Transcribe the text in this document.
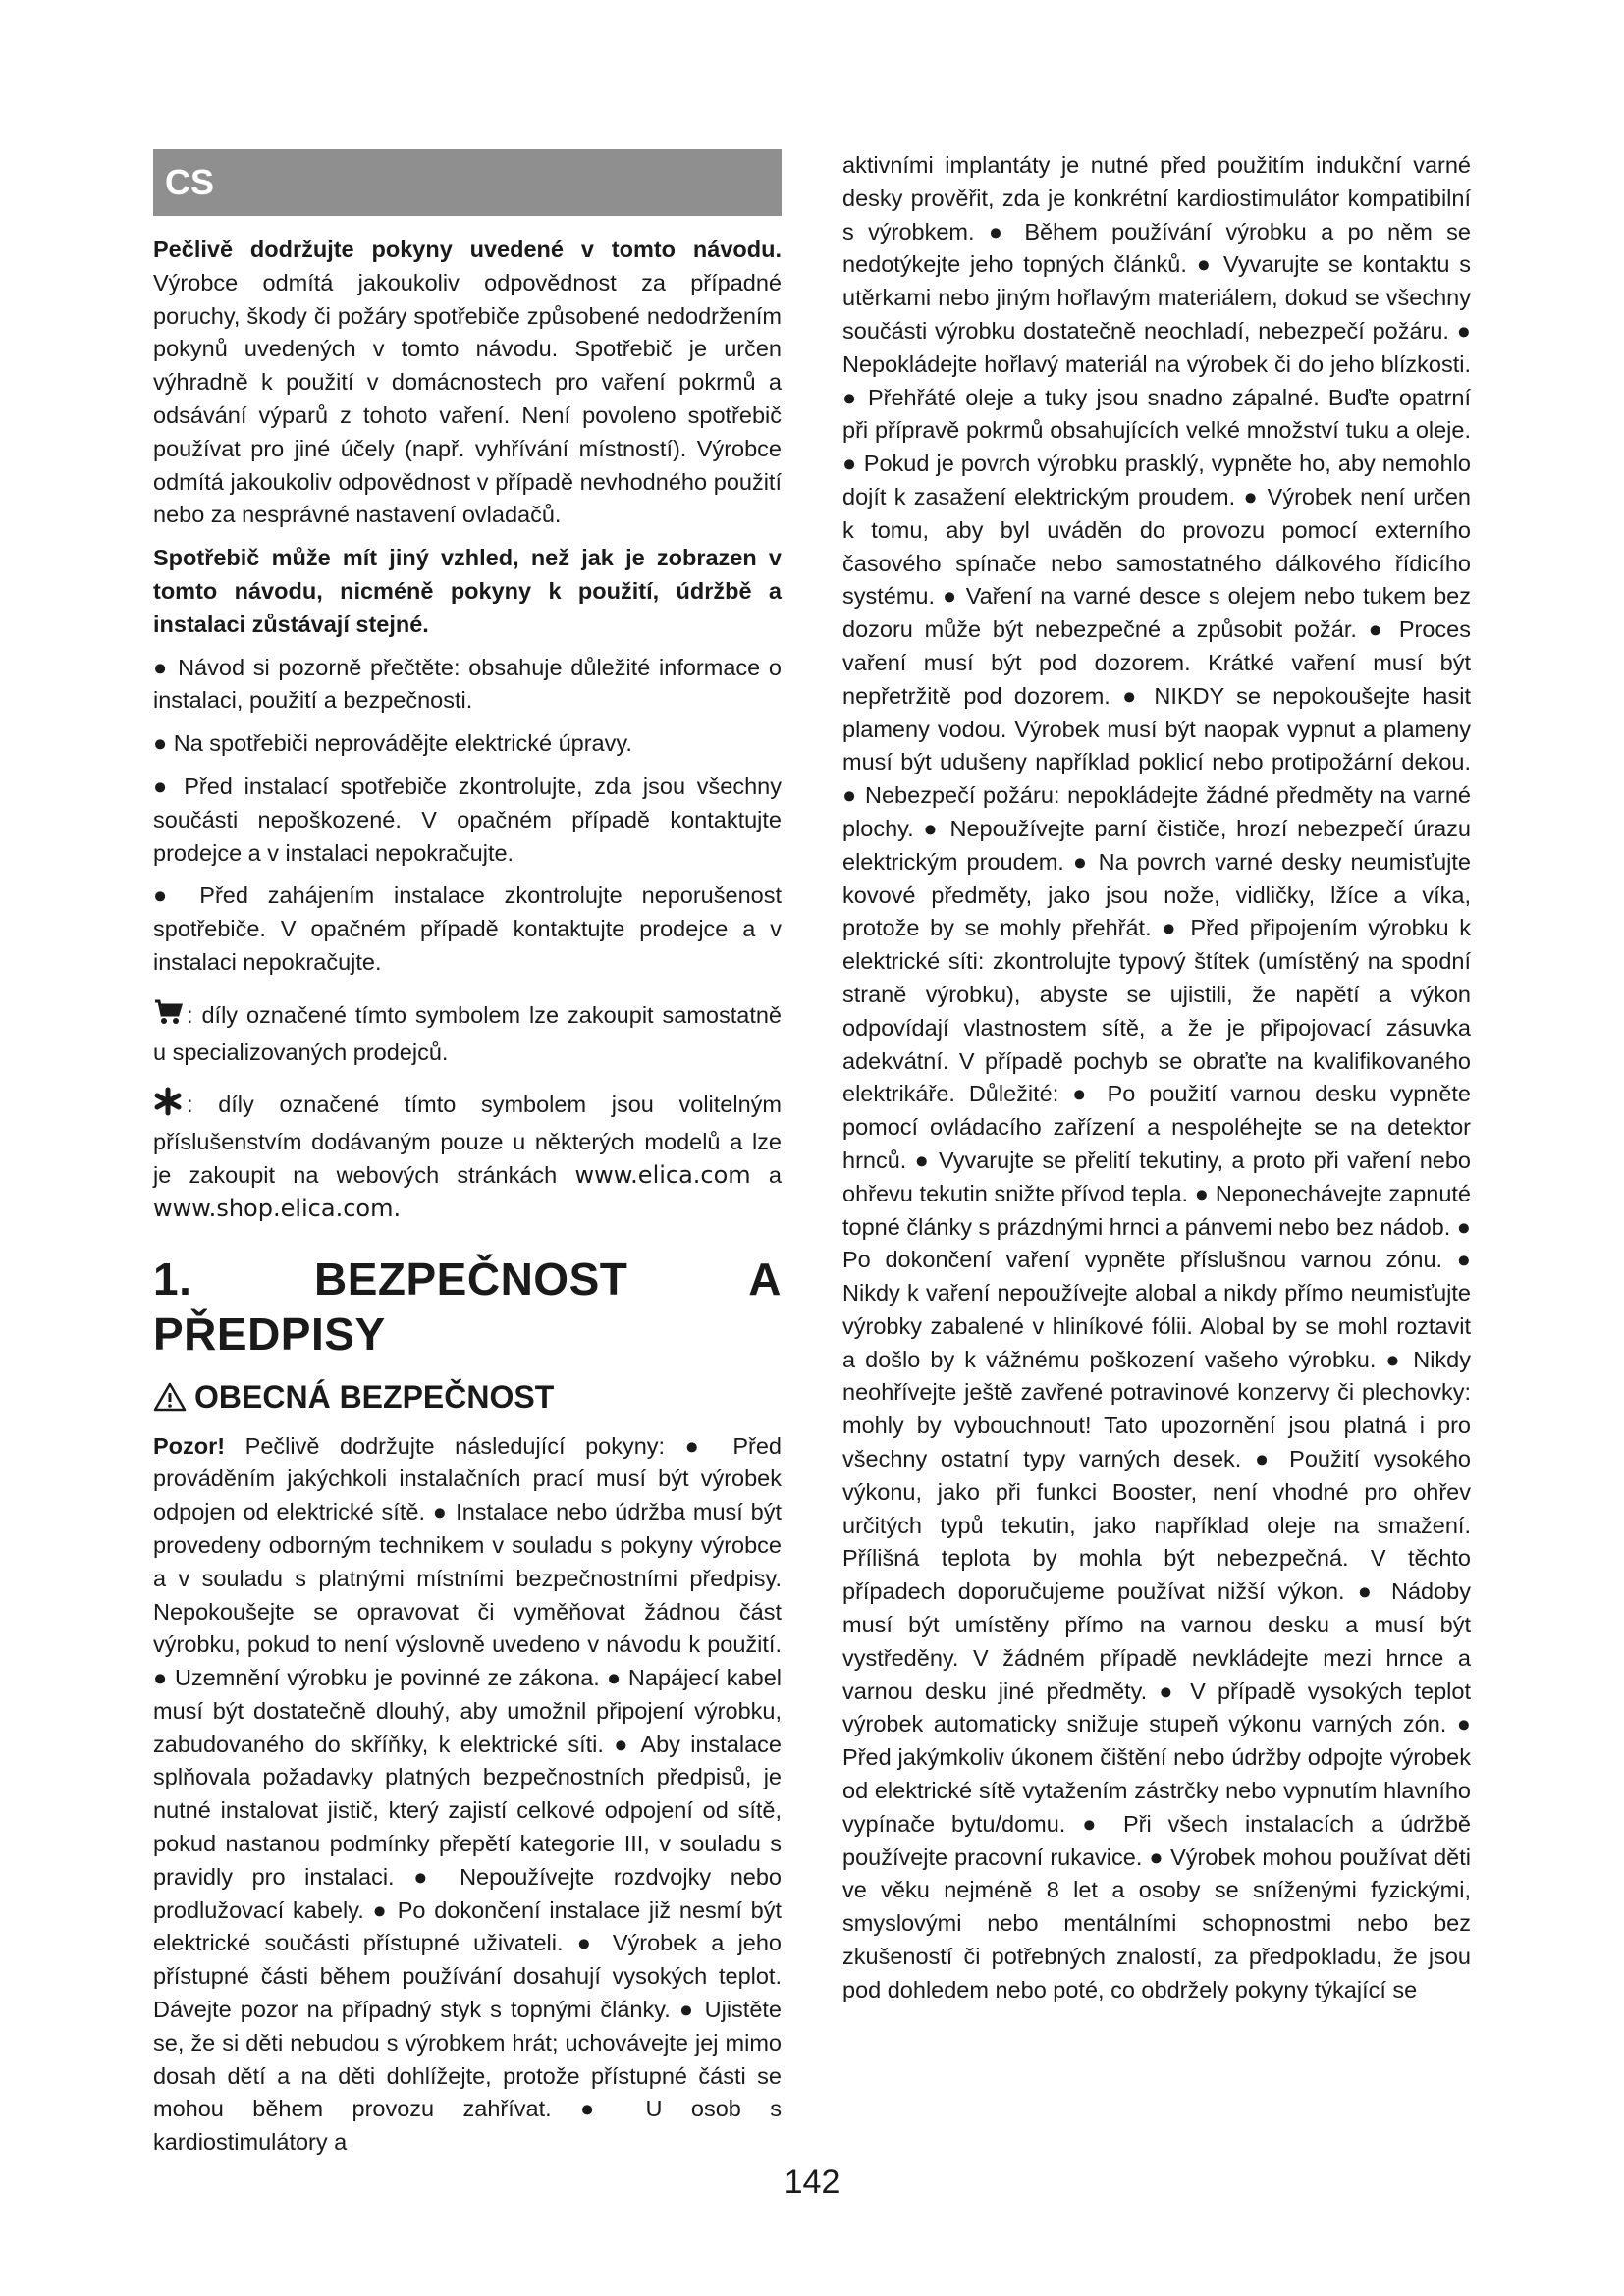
CS

Pečlivě dodržujte pokyny uvedené v tomto návodu. Výrobce odmítá jakoukoliv odpovědnost za případné poruchy, škody či požáry spotřebiče způsobené nedodržením pokynů uvedených v tomto návodu. Spotřebič je určen výhradně k použití v domácnostech pro vaření pokrmů a odsávání výparů z tohoto vaření. Není povoleno spotřebič používat pro jiné účely (např. vyhřívání místností). Výrobce odmítá jakoukoliv odpovědnost v případě nevhodného použití nebo za nesprávné nastavení ovladačů.

Spotřebič může mít jiný vzhled, než jak je zobrazen v tomto návodu, nicméně pokyny k použití, údržbě a instalaci zůstávají stejné.

● Návod si pozorně přečtěte: obsahuje důležité informace o instalaci, použití a bezpečnosti.

● Na spotřebiči neprovádějte elektrické úpravy.

● Před instalací spotřebiče zkontrolujte, zda jsou všechny součásti nepoškozené. V opačném případě kontaktujte prodejce a v instalaci nepokračujte.

● Před zahájením instalace zkontrolujte neporušenost spotřebiče. V opačném případě kontaktujte prodejce a v instalaci nepokračujte.

: díly označené tímto symbolem lze zakoupit samostatně u specializovaných prodejců.

: díly označené tímto symbolem jsou volitelným příslušenstvím dodávaným pouze u některých modelů a lze je zakoupit na webových stránkách www.elica.com a www.shop.elica.com.

1. BEZPEČNOST A PŘEDPISY
OBECNÁ BEZPEČNOST

Pozor! Pečlivě dodržujte následující pokyny: ● Před prováděním jakýchkoli instalačních prací musí být výrobek odpojen od elektrické sítě. ● Instalace nebo údržba musí být provedeny odborným technikem v souladu s pokyny výrobce a v souladu s platnými místními bezpečnostními předpisy. Nepokoušejte se opravovat či vyměňovat žádnou část výrobku, pokud to není výslovně uvedeno v návodu k použití. ● Uzemnění výrobku je povinné ze zákona. ● Napájecí kabel musí být dostatečně dlouhý, aby umožnil připojení výrobku, zabudovaného do skříňky, k elektrické síti. ● Aby instalace splňovala požadavky platných bezpečnostních předpisů, je nutné instalovat jistič, který zajistí celkové odpojení od sítě, pokud nastanou podmínky přepětí kategorie III, v souladu s pravidly pro instalaci. ● Nepoužívejte rozdvojky nebo prodlužovací kabely. ● Po dokončení instalace již nesmí být elektrické součásti přístupné uživateli. ● Výrobek a jeho přístupné části během používání dosahují vysokých teplot. Dávejte pozor na případný styk s topnými články. ● Ujistěte se, že si děti nebudou s výrobkem hrát; uchovávejte jej mimo dosah dětí a na děti dohlížejte, protože přístupné části se mohou během provozu zahřívat. ● U osob s kardiostimulátory a

aktivními implantáty je nutné před použitím indukční varné desky prověřit, zda je konkrétní kardiostimulátor kompatibilní s výrobkem. ● Během používání výrobku a po něm se nedotýkejte jeho topných článků. ● Vyvarujte se kontaktu s utěrkami nebo jiným hořlavým materiálem, dokud se všechny součásti výrobku dostatečně neochladí, nebezpečí požáru. ● Nepokládejte hořlavý materiál na výrobek či do jeho blízkosti. ● Přehřáté oleje a tuky jsou snadno zápalné. Buďte opatrní při přípravě pokrmů obsahujících velké množství tuku a oleje. ● Pokud je povrch výrobku prasklý, vypněte ho, aby nemohlo dojít k zasažení elektrickým proudem. ● Výrobek není určen k tomu, aby byl uváděn do provozu pomocí externího časového spínače nebo samostatného dálkového řídicího systému. ● Vaření na varné desce s olejem nebo tukem bez dozoru může být nebezpečné a způsobit požár. ● Proces vaření musí být pod dozorem. Krátké vaření musí být nepřetržitě pod dozorem. ● NIKDY se nepokoušejte hasit plameny vodou. Výrobek musí být naopak vypnut a plameny musí být udušeny například poklicí nebo protipožární dekou. ● Nebezpečí požáru: nepokládejte žádné předměty na varné plochy. ● Nepoužívejte parní čističe, hrozí nebezpečí úrazu elektrickým proudem. ● Na povrch varné desky neumisťujte kovové předměty, jako jsou nože, vidličky, lžíce a víka, protože by se mohly přehřát. ● Před připojením výrobku k elektrické síti: zkontrolujte typový štítek (umístěný na spodní straně výrobku), abyste se ujistili, že napětí a výkon odpovídají vlastnostem sítě, a že je připojovací zásuvka adekvátní. V případě pochyb se obraťte na kvalifikovaného elektrikáře. Důležité: ● Po použití varnou desku vypněte pomocí ovládacího zařízení a nespoléhejte se na detektor hrnců. ● Vyvarujte se přelití tekutiny, a proto při vaření nebo ohřevu tekutin snižte přívod tepla. ● Neponechávejte zapnuté topné články s prázdnými hrnci a pánvemi nebo bez nádob. ● Po dokončení vaření vypněte příslušnou varnou zónu. ● Nikdy k vaření nepoužívejte alobal a nikdy přímo neumisťujte výrobky zabalené v hliníkové fólii. Alobal by se mohl roztavit a došlo by k vážnému poškození vašeho výrobku. ● Nikdy neohřívejte ještě zavřené potravinové konzervy či plechovky: mohly by vybouchnout! Tato upozornění jsou platná i pro všechny ostatní typy varných desek. ● Použití vysokého výkonu, jako při funkci Booster, není vhodné pro ohřev určitých typů tekutin, jako například oleje na smažení. Přílišná teplota by mohla být nebezpečná. V těchto případech doporučujeme používat nižší výkon. ● Nádoby musí být umístěny přímo na varnou desku a musí být vystředěny. V žádném případě nevkládejte mezi hrnce a varnou desku jiné předměty. ● V případě vysokých teplot výrobek automaticky snižuje stupeň výkonu varných zón. ● Před jakýmkoliv úkonem čištění nebo údržby odpojte výrobek od elektrické sítě vytažením zástrčky nebo vypnutím hlavního vypínače bytu/domu. ● Při všech instalacích a údržbě používejte pracovní rukavice. ● Výrobek mohou používat děti ve věku nejméně 8 let a osoby se sníženými fyzickými, smyslovými nebo mentálními schopnostmi nebo bez zkušeností či potřebných znalostí, za předpokladu, že jsou pod dohledem nebo poté, co obdržely pokyny týkající se

142
